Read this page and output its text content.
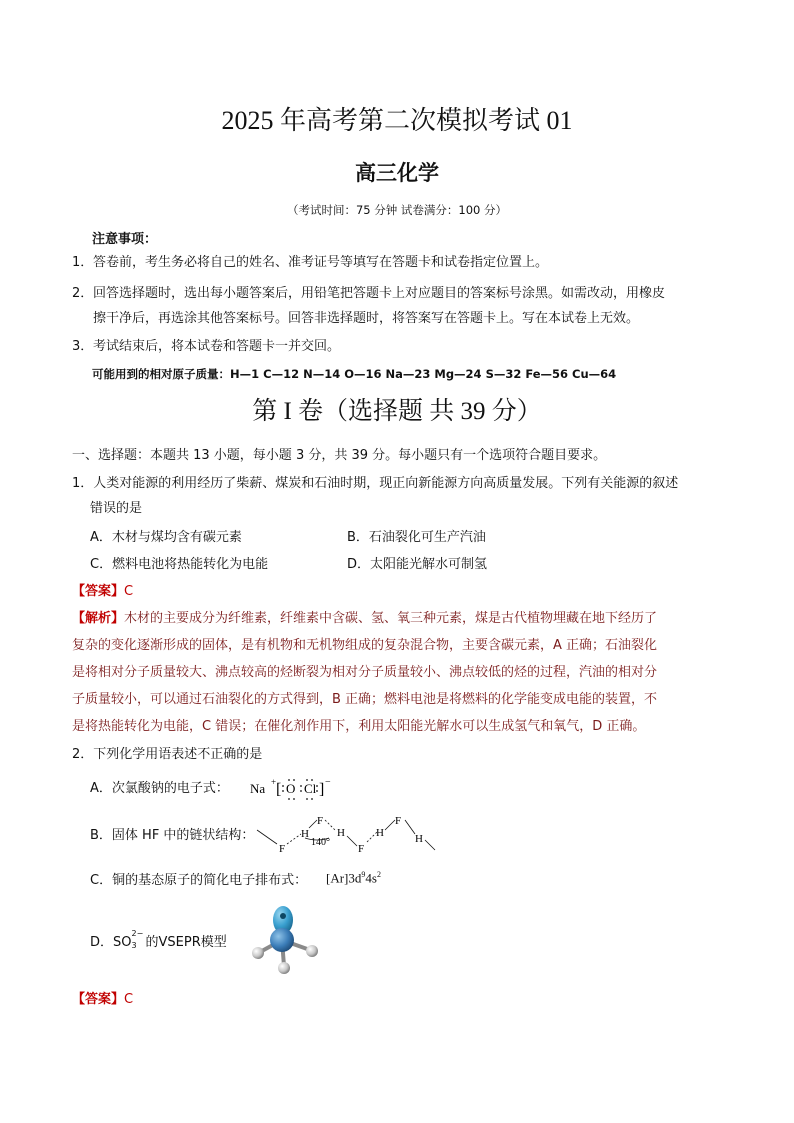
2025 年高考第二次模拟考试 01
高三化学
（考试时间：75 分钟 试卷满分：100 分）
注意事项：
1． 答卷前，考生务必将自己的姓名、准考证号等填写在答题卡和试卷指定位置上。
2． 回答选择题时，选出每小题答案后，用铅笔把答题卡上对应题目的答案标号涂黑。如需改动，用橡皮
擦干净后，再选涂其他答案标号。回答非选择题时，将答案写在答题卡上。写在本试卷上无效。
3． 考试结束后，将本试卷和答题卡一并交回。
可能用到的相对原子质量：H—1 C—12 N—14 O—16 Na—23 Mg—24 S—32 Fe—56 Cu—64
第 I 卷（选择题 共 39 分）
一、选择题：本题共 13 小题，每小题 3 分，共 39 分。每小题只有一个选项符合题目要求。
1．人类对能源的利用经历了柴薪、煤炭和石油时期，现正向新能源方向高质量发展。下列有关能源的叙述
错误的是
A．木材与煤均含有碳元素	B．石油裂化可生产汽油
C．燃料电池将热能转化为电能	D．太阳能光解水可制氢
【答案】C
【解析】木材的主要成分为纤维素，纤维素中含碳、氢、氧三种元素，煤是古代植物埋藏在地下经历了
复杂的变化逐渐形成的固体，是有机物和无机物组成的复杂混合物，主要含碳元素，A 正确；石油裂化
是将相对分子质量较大、沸点较高的烃断裂为相对分子质量较小、沸点较低的烃的过程，汽油的相对分
子质量较小，可以通过石油裂化的方式得到，B 正确；燃料电池是将燃料的化学能变成电能的装置，不
是将热能转化为电能，C 错误；在催化剂作用下，利用太阳能光解水可以生成氢气和氧气，D 正确。
2．下列化学用语表述不正确的是
A．次氯酸钠的电子式： Na + [ O Cl ] −
B．固体 HF 中的链状结构：
F
H
F
140°
H
F
H
F
H
C．铜的基态原子的简化电子排布式： $[Ar]3d^94s^2$
D．SO
2−
3 的VSEPR模型
【答案】C
